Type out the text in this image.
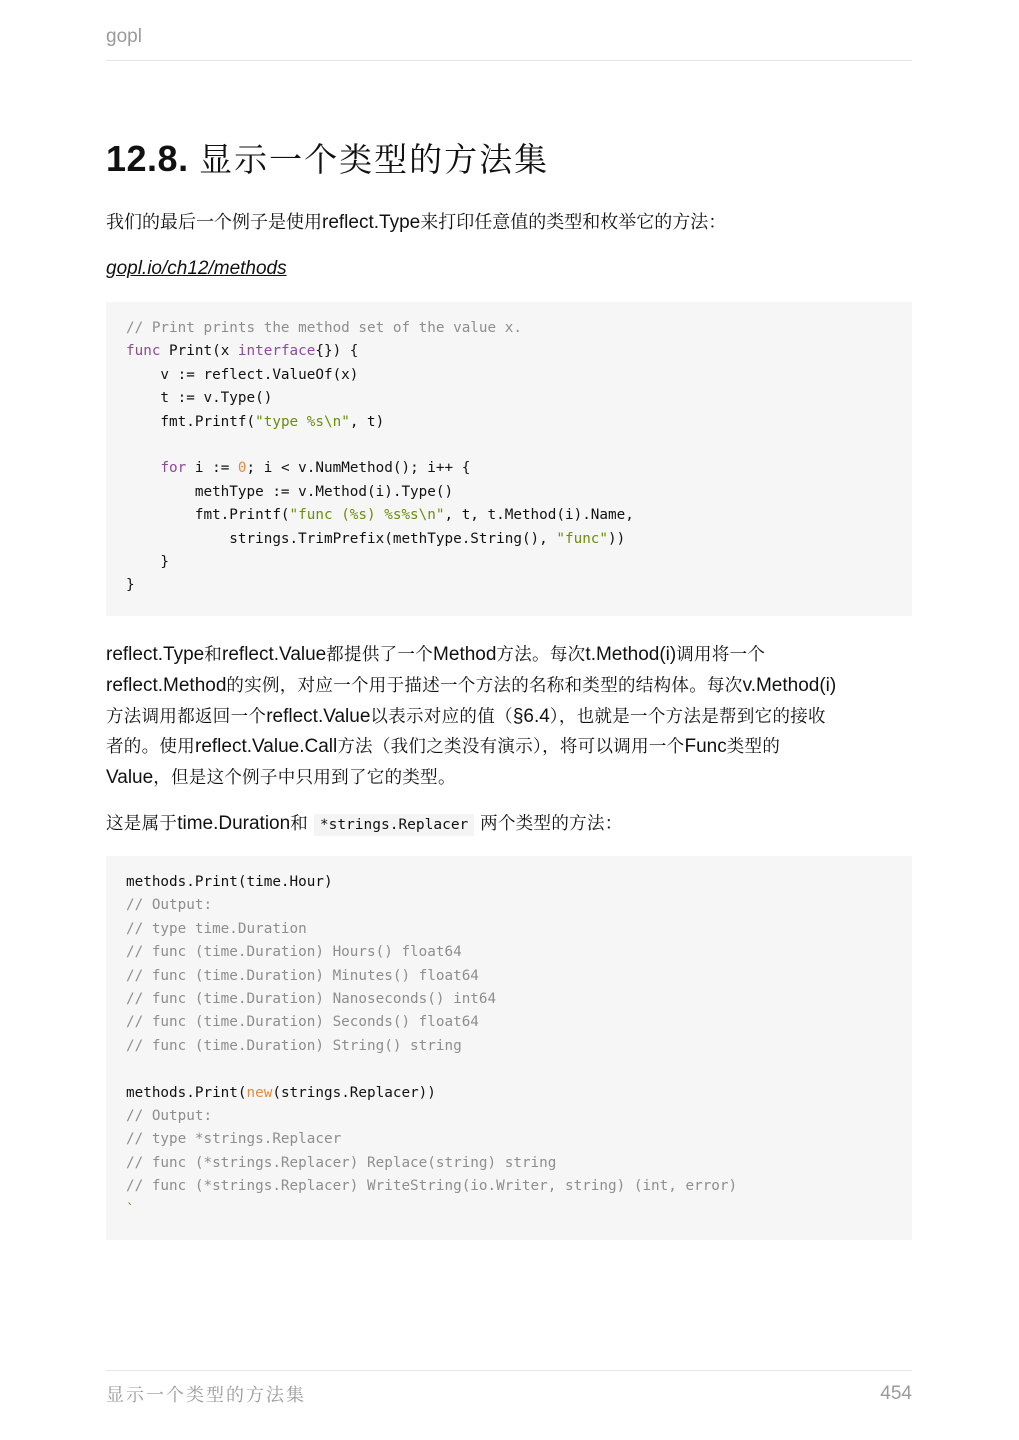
gopl
12.8. 显示一个类型的方法集

我们的最后一个例子是使用reflect.Type来打印任意值的类型和枚举它的方法：

gopl.io/ch12/methods
// Print prints the method set of the value x.
func Print(x interface{}) {
v := reflect.ValueOf(x)
t := v.Type()
fmt.Printf("type %s\n", t)

for i := 0; i < v.NumMethod(); i++ {
methType := v.Method(i).Type()
fmt.Printf("func (%s) %s%s\n", t, t.Method(i).Name,
strings.TrimPrefix(methType.String(), "func"))
}
}

reflect.Type和reflect.Value都提供了一个Method方法。每次t.Method(i)调用将一个
reflect.Method的实例，对应一个用于描述一个方法的名称和类型的结构体。每次v.Method(i)
方法调用都返回一个reflect.Value以表示对应的值（§6.4），也就是一个方法是帮到它的接收
者的。使用reflect.Value.Call方法（我们之类没有演示），将可以调用一个Func类型的
Value，但是这个例子中只用到了它的类型。

这是属于time.Duration和 *strings.Replacer 两个类型的方法：

methods.Print(time.Hour)
// Output:
// type time.Duration
// func (time.Duration) Hours() float64
// func (time.Duration) Minutes() float64
// func (time.Duration) Nanoseconds() int64
// func (time.Duration) Seconds() float64
// func (time.Duration) String() string

methods.Print(new(strings.Replacer))
// Output:
// type *strings.Replacer
// func (*strings.Replacer) Replace(string) string
// func (*strings.Replacer) WriteString(io.Writer, string) (int, error)
`

显示一个类型的方法集	454
